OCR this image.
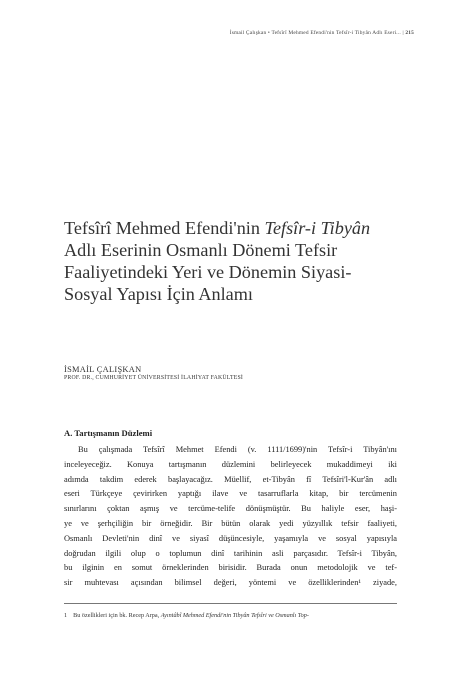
İsmail Çalışkan • Tefsîrî Mehmed Efendi'nin Tefsîr-i Tibyân Adlı Eseri... | 215
Tefsîrî Mehmed Efendi'nin Tefsîr-i Tibyân
Adlı Eserinin Osmanlı Dönemi Tefsir
Faaliyetindeki Yeri ve Dönemin Siyasi-
Sosyal Yapısı İçin Anlamı
İSMAİL ÇALIŞKAN
PROF. DR., CUMHURİYET ÜNİVERSİTESİ İLAHİYAT FAKÜLTESİ
A. Tartışmanın Düzlemi
Bu çalışmada Tefsîrî Mehmet Efendi (v. 1111/1699)'nin Tefsîr-i Tibyân'ını
inceleyeceğiz. Konuya tartışmanın düzlemini belirleyecek mukaddimeyi iki
adımda takdim ederek başlayacağız. Müellif, et-Tibyân fî Tefsîri'l-Kur'ân adlı
eseri Türkçeye çevirirken yaptığı ilave ve tasarruflarla kitap, bir tercümenin
sınırlarını çoktan aşmış ve tercüme-telife dönüşmüştür. Bu haliyle eser, haşi-
ye ve şerhçiliğin bir örneğidir. Bir bütün olarak yedi yüzyıllık tefsir faaliyeti,
Osmanlı Devleti'nin dinî ve siyasî düşüncesiyle, yaşamıyla ve sosyal yapısıyla
doğrudan ilgili olup o toplumun dinî tarihinin asli parçasıdır. Tefsîr-i Tibyân,
bu ilginin en somut örneklerinden birisidir. Burada onun metodolojik ve tef-
sir muhtevası açısından bilimsel değeri, yöntemi ve özelliklerinden¹ ziyade,
1 Bu özellikleri için bk. Recep Arpa, Ayıntâbî Mehmed Efendi'nin Tibyân Tefsîri ve Osmanlı Top-
